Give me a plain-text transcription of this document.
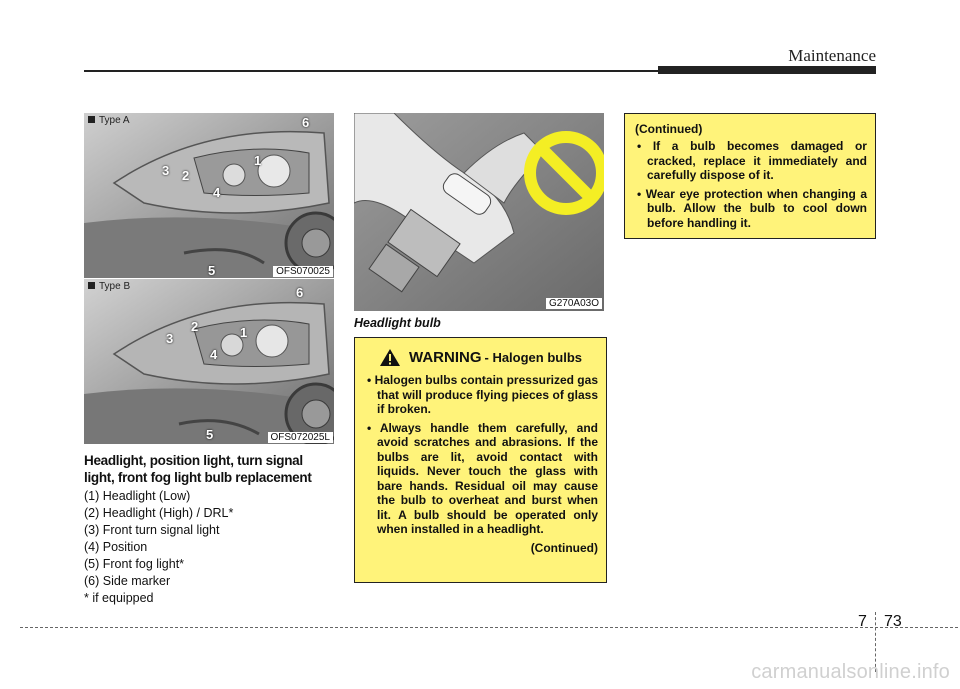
Maintenance
Type A
OFS070025
1
2
3
4
5
6
Type B
OFS072025L
1
2
3
4
5
6
Headlight, position light, turn signal light, front fog light bulb replacement
(1) Headlight (Low)
(2) Headlight (High) / DRL*
(3) Front turn signal light
(4) Position
(5) Front fog light*
(6) Side marker
* if equipped
G270A03O
Headlight bulb
WARNING - Halogen bulbs
• Halogen bulbs contain pressurized gas that will produce flying pieces of glass if broken.
• Always handle them carefully, and avoid scratches and abrasions. If the bulbs are lit, avoid contact with liquids. Never touch the glass with bare hands. Residual oil may cause the bulb to overheat and burst when lit. A bulb should be operated only when installed in a headlight.
(Continued)
(Continued)
• If a bulb becomes damaged or cracked, replace it immediately and carefully dispose of it.
• Wear eye protection when changing a bulb. Allow the bulb to cool down before handling it.
7 73
carmanualsonline.info
